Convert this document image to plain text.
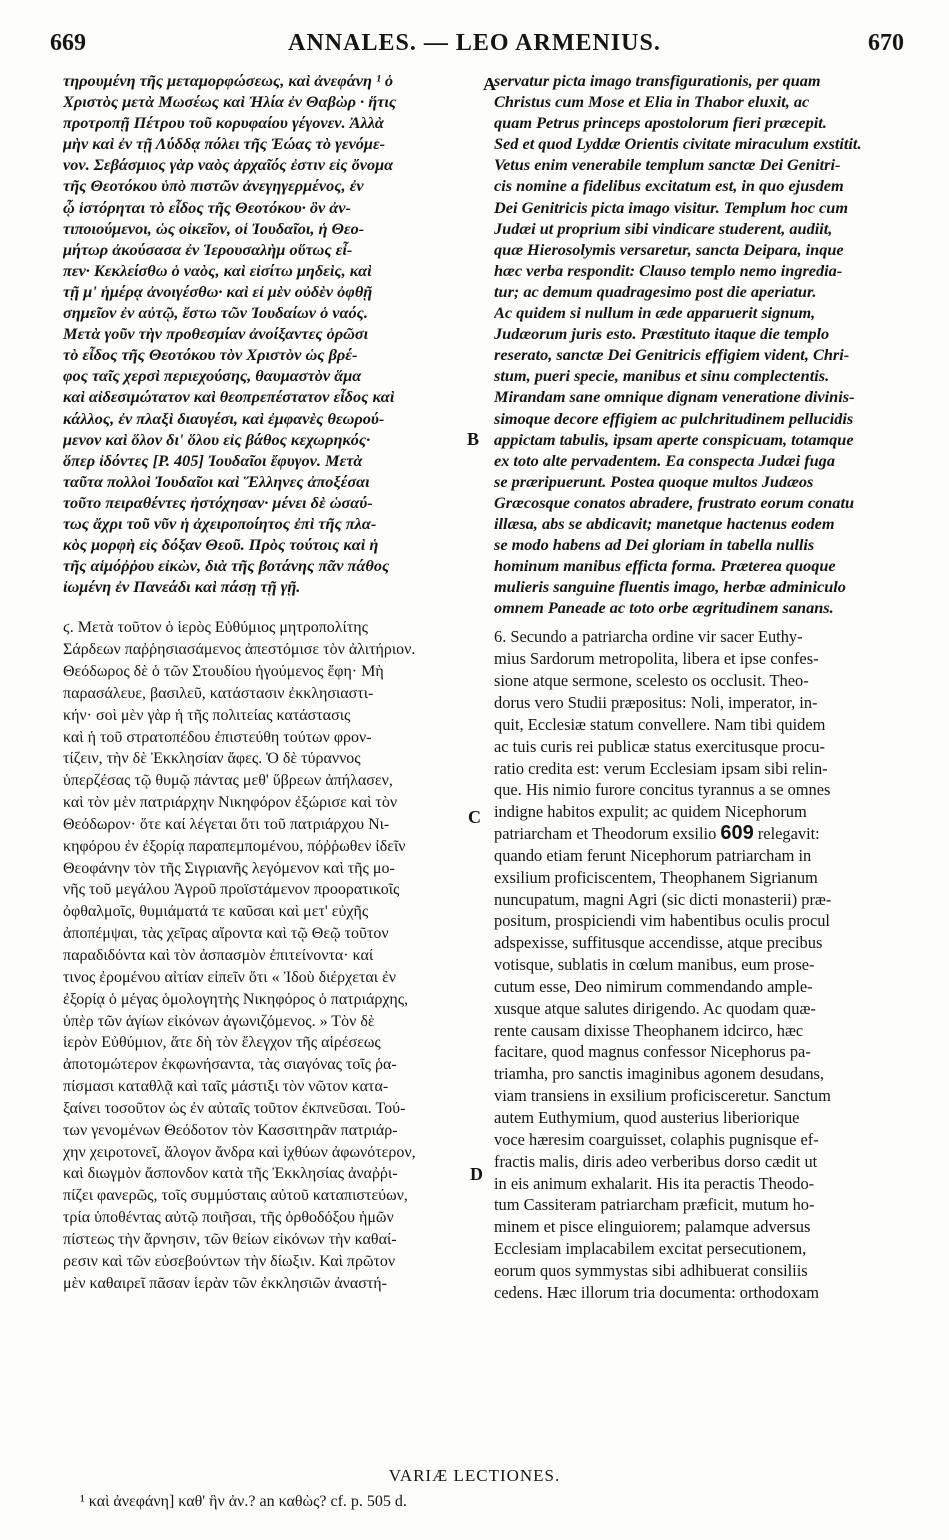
669	ANNALES. — LEO ARMENIUS.	670
A
B
C
D
τηρουμένη τῆς μεταμορφώσεως, καὶ ἀνεφάνη ¹ ὁ
Χριστὸς μετὰ Μωσέως καὶ Ἠλία ἐν Θαβὼρ · ἥτις
προτροπῇ Πέτρου τοῦ κορυφαίου γέγονεν. Ἀλλὰ
μὴν καὶ ἐν τῇ Λύδδᾳ πόλει τῆς Ἑώας τὸ γενόμε-
νον. Σεβάσμιος γὰρ ναὸς ἀρχαῖός ἐστιν εἰς ὄνομα
τῆς Θεοτόκου ὑπὸ πιστῶν ἀνεγηγερμένος, ἐν
ᾧ ἱστόρηται τὸ εἶδος τῆς Θεοτόκου· ὃν ἀν-
τιποιούμενοι, ὡς οἰκεῖον, οἱ Ἰουδαῖοι, ἡ Θεο-
μήτωρ ἀκούσασα ἐν Ἱερουσαλὴμ οὕτως εἶ-
πεν· Κεκλείσθω ὁ ναὸς, καὶ εἰσίτω μηδεὶς, καὶ
τῇ μ' ἡμέρᾳ ἀνοιγέσθω· καὶ εἰ μὲν οὐδὲν ὀφθῇ
σημεῖον ἐν αὐτῷ, ἔστω τῶν Ἰουδαίων ὁ ναός.
Μετὰ γοῦν τὴν προθεσμίαν ἀνοίξαντες ὁρῶσι
τὸ εἶδος τῆς Θεοτόκου τὸν Χριστὸν ὡς βρέ-
φος ταῖς χερσὶ περιεχούσης, θαυμαστὸν ἅμα
καὶ αἰδεσιμώτατον καὶ θεοπρεπέστατον εἶδος καὶ
κάλλος, ἐν πλαξὶ διαυγέσι, καὶ ἐμφανὲς θεωρού-
μενον καὶ ὅλον δι' ὅλου εἰς βάθος κεχωρηκός·
ὅπερ ἰδόντες [P. 405] Ἰουδαῖοι ἔφυγον. Μετὰ
ταῦτα πολλοὶ Ἰουδαῖοι καὶ Ἕλληνες ἀποξέσαι
τοῦτο πειραθέντες ἠστόχησαν· μένει δὲ ὡσαύ-
τως ἄχρι τοῦ νῦν ἡ ἀχειροποίητος ἐπὶ τῆς πλα-
κὸς μορφὴ εἰς δόξαν Θεοῦ. Πρὸς τούτοις καὶ ἡ
τῆς αἱμόῤῥου εἰκὼν, διὰ τῆς βοτάνης πᾶν πάθος
ἰωμένη ἐν Πανεάδι καὶ πάσῃ τῇ γῇ.
ϛ. Μετὰ τοῦτον ὁ ἱερὸς Εὐθύμιος μητροπολίτης
Σάρδεων παῤῥησιασάμενος ἀπεστόμισε τὸν ἀλιτήριον.
Θεόδωρος δὲ ὁ τῶν Στουδίου ἡγούμενος ἔφη· Μὴ
παρασάλευε, βασιλεῦ, κατάστασιν ἐκκλησιαστι-
κήν· σοὶ μὲν γὰρ ἡ τῆς πολιτείας κατάστασις
καὶ ἡ τοῦ στρατοπέδου ἐπιστεύθη τούτων φρον-
τίζειν, τὴν δὲ Ἐκκλησίαν ἄφες. Ὁ δὲ τύραννος
ὑπερζέσας τῷ θυμῷ πάντας μεθ' ὕβρεων ἀπήλασεν,
καὶ τὸν μὲν πατριάρχην Νικηφόρον ἐξώρισε καὶ τὸν
Θεόδωρον· ὅτε καί λέγεται ὅτι τοῦ πατριάρχου Νι-
κηφόρου ἐν ἐξορίᾳ παραπεμπομένου, πόῤῥωθεν ἰδεῖν
Θεοφάνην τὸν τῆς Σιγριανῆς λεγόμενον καὶ τῆς μο-
νῆς τοῦ μεγάλου Ἀγροῦ προϊστάμενον προορατικοῖς
ὀφθαλμοῖς, θυμιάματά τε καῦσαι καὶ μετ' εὐχῆς
ἀποπέμψαι, τὰς χεῖρας αἴροντα καὶ τῷ Θεῷ τοῦτον
παραδιδόντα καὶ τὸν ἀσπασμὸν ἐπιτείνοντα· καί
τινος ἐρομένου αἰτίαν εἰπεῖν ὅτι « Ἰδοὺ διέρχεται ἐν
ἐξορίᾳ ὁ μέγας ὁμολογητὴς Νικηφόρος ὁ πατριάρχης,
ὑπὲρ τῶν ἁγίων εἰκόνων ἀγωνιζόμενος. » Τὸν δὲ
ἱερὸν Εὐθύμιον, ἅτε δὴ τὸν ἔλεγχον τῆς αἱρέσεως
ἀποτομώτερον ἐκφωνήσαντα, τὰς σιαγόνας τοῖς ῥα-
πίσμασι καταθλᾷ καὶ ταῖς μάστιξι τὸν νῶτον κατα-
ξαίνει τοσοῦτον ὡς ἐν αὐταῖς τοῦτον ἐκπνεῦσαι. Τού-
των γενομένων Θεόδοτον τὸν Κασσιτηρᾶν πατριάρ-
χην χειροτονεῖ, ἄλογον ἄνδρα καὶ ἰχθύων ἀφωνότερον,
καὶ διωγμὸν ἄσπονδον κατὰ τῆς Ἐκκλησίας ἀναῤῥι-
πίζει φανερῶς, τοῖς συμμύσταις αὐτοῦ καταπιστεύων,
τρία ὑποθέντας αὐτῷ ποιῆσαι, τῆς ὀρθοδόξου ἡμῶν
πίστεως τὴν ἄρνησιν, τῶν θείων εἰκόνων τὴν καθαί-
ρεσιν καὶ τῶν εὐσεβούντων τὴν δίωξιν. Καὶ πρῶτον
μὲν καθαιρεῖ πᾶσαν ἱερὰν τῶν ἐκκλησιῶν ἀναστή-
servatur picta imago transfigurationis, per quam
Christus cum Mose et Elia in Thabor eluxit, ac
quam Petrus princeps apostolorum fieri præcepit.
Sed et quod Lyddæ Orientis civitate miraculum exstitit.
Vetus enim venerabile templum sanctæ Dei Genitri-
cis nomine a fidelibus excitatum est, in quo ejusdem
Dei Genitricis picta imago visitur. Templum hoc cum
Judæi ut proprium sibi vindicare studerent, audiit,
quæ Hierosolymis versaretur, sancta Deipara, inque
hæc verba respondit: Clauso templo nemo ingredia-
tur; ac demum quadragesimo post die aperiatur.
Ac quidem si nullum in æde apparuerit signum,
Judæorum juris esto. Præstituto itaque die templo
reserato, sanctæ Dei Genitricis effigiem vident, Chri-
stum, pueri specie, manibus et sinu complectentis.
Mirandam sane omnique dignam veneratione divinis-
simoque decore effigiem ac pulchritudinem pellucidis
appictam tabulis, ipsam aperte conspicuam, totamque
ex toto alte pervadentem. Ea conspecta Judæi fuga
se præripuerunt. Postea quoque multos Judæos
Græcosque conatos abradere, frustrato eorum conatu
illæsa, abs se abdicavit; manetque hactenus eodem
se modo habens ad Dei gloriam in tabella nullis
hominum manibus effictа forma. Præterea quoque
mulieris sanguine fluentis imago, herbæ adminiculo
omnem Paneade ac toto orbe ægritudinem sanans.
6. Secundo a patriarcha ordine vir sacer Euthy-
mius Sardorum metropolita, libera et ipse confes-
sione atque sermone, scelesto os occlusit. Theo-
dorus vero Studii præpositus: Noli, imperator, in-
quit, Ecclesiæ statum convellere. Nam tibi quidem
ac tuis curis rei publicæ status exercitusque procu-
ratio credita est: verum Ecclesiam ipsam sibi relin-
que. His nimio furore concitus tyrannus a se omnes
indigne habitos expulit; ac quidem Nicephorum
patriarcham et Theodorum exsilio 609 relegavit:
quando etiam ferunt Nicephorum patriarcham in
exsilium proficiscentem, Theophanem Sigrianum
nuncupatum, magni Agri (sic dicti monasterii) præ-
positum, prospiciendi vim habentibus oculis procul
adspexisse, suffitusque accendisse, atque precibus
votisque, sublatis in cœlum manibus, eum prose-
cutum esse, Deo nimirum commendando ample-
xusque atque salutes dirigendo. Ac quodam quæ-
rente causam dixisse Theophanem idcirco, hæc
facitare, quod magnus confessor Nicephorus pa-
triamha, pro sanctis imaginibus agonem desudans,
viam transiens in exsilium proficisceretur. Sanctum
autem Euthymium, quod austerius liberiorique
voce hæresim coarguisset, colaphis pugnisque ef-
fractis malis, diris adeo verberibus dorso cædit ut
in eis animum exhalarit. His ita peractis Theodo-
tum Cassiteram patriarcham præficit, mutum ho-
minem et pisce elinguiorem; palamque adversus
Ecclesiam implacabilem excitat persecutionem,
eorum quos symmystas sibi adhibuerat consiliis
cedens. Hæc illorum tria documenta: orthodoxam
VARIÆ LECTIONES.
¹ καὶ ἀνεφάνη] καθ' ἣν ἀν.? an καθὼς? cf. p. 505 d.
